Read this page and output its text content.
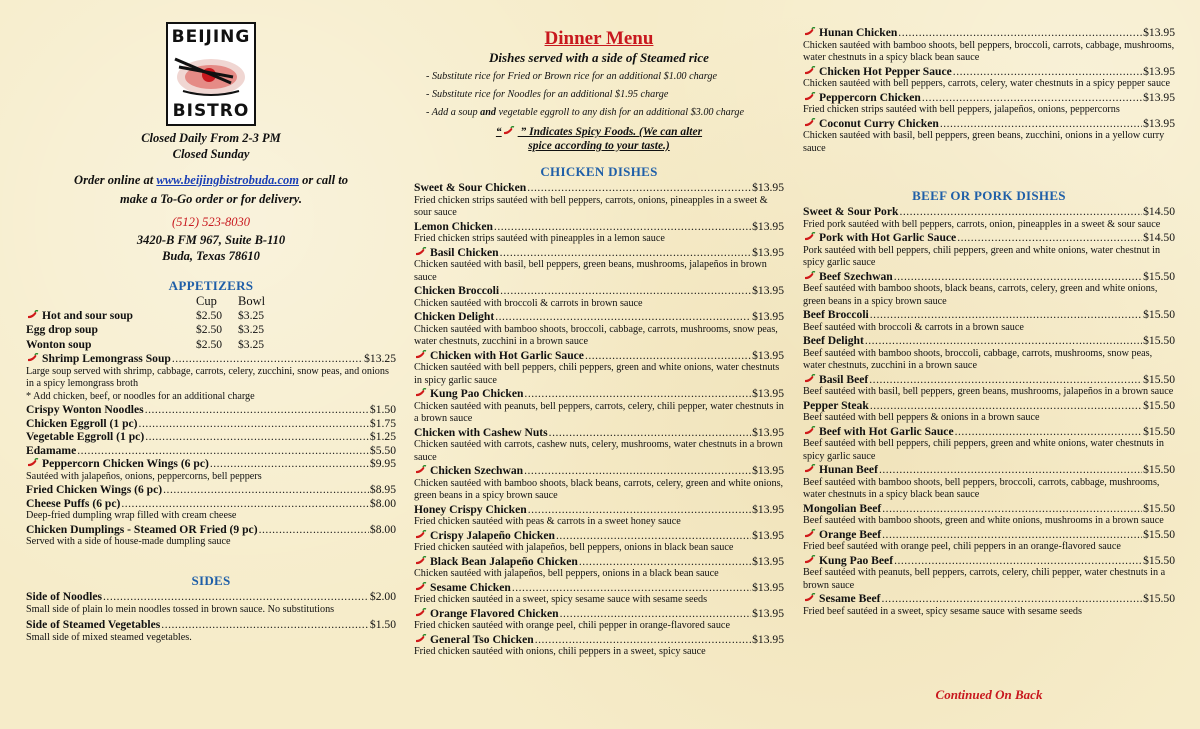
BEIJING
BISTRO
Closed Daily From 2-3 PM
Closed Sunday
Order online at www.beijingbistrobuda.com or call to
make a To-Go order or for delivery.
(512) 523-8030
3420-B FM 967, Suite B-110
Buda, Texas 78610
APPETIZERS
Cup	Bowl
Hot and sour soup	$2.50	$3.25
Egg drop soup	$2.50	$3.25
Wonton soup	$2.50	$3.25
Shrimp Lemongrass Soup .....	$13.25
Large soup served with shrimp, cabbage, carrots, celery, zucchini, snow peas, and onions in a spicy lemongrass broth
* Add chicken, beef, or noodles for an additional charge
Crispy Wonton Noodles .....	$1.50
Chicken Eggroll (1 pc) .....	$1.75
Vegetable Eggroll (1 pc) .....	$1.25
Edamame .....	$5.50
Peppercorn Chicken Wings (6 pc) .....	$9.95
Sautéed with jalapeños, onions, peppercorns, bell peppers
Fried Chicken Wings (6 pc) .....	$8.95
Cheese Puffs (6 pc) .....	$8.00
Deep-fried dumpling wrap filled with cream cheese
Chicken Dumplings - Steamed OR Fried (9 pc) .....	$8.00
Served with a side of house-made dumpling sauce
SIDES
Side of Noodles .....	$2.00
Small side of plain lo mein noodles tossed in brown sauce. No substitutions
Side of Steamed Vegetables .....	$1.50
Small side of mixed steamed vegetables.
Dinner Menu
Dishes served with a side of Steamed rice
- Substitute rice for Fried or Brown rice for an additional $1.00 charge
- Substitute rice for Noodles for an additional $1.95 charge
- Add a soup and vegetable eggroll to any dish for an additional $3.00 charge
“ ” Indicates Spicy Foods. (We can alter
spice according to your taste.)
CHICKEN DISHES
Sweet & Sour Chicken .....	$13.95
Fried chicken strips sautéed with bell peppers, carrots, onions, pineapples in a sweet & sour sauce
Lemon Chicken .....	$13.95
Fried chicken strips sautéed with pineapples in a lemon sauce
Basil Chicken .....	$13.95
Chicken sautéed with basil, bell peppers, green beans, mushrooms, jalapeños in brown sauce
Chicken Broccoli .....	$13.95
Chicken sautéed with broccoli & carrots in brown sauce
Chicken Delight .....	$13.95
Chicken sautéed with bamboo shoots, broccoli, cabbage, carrots, mushrooms, snow peas, water chestnuts, zucchini in a brown sauce
Chicken with Hot Garlic Sauce .....	$13.95
Chicken sautéed with bell peppers, chili peppers, green and white onions, water chestnuts in spicy garlic sauce
Kung Pao Chicken .....	$13.95
Chicken sautéed with peanuts, bell peppers, carrots, celery, chili pepper, water chestnuts in a brown sauce
Chicken with Cashew Nuts .....	$13.95
Chicken sautéed with carrots, cashew nuts, celery, mushrooms, water chestnuts in a brown sauce
Chicken Szechwan .....	$13.95
Chicken sautéed with bamboo shoots, black beans, carrots, celery, green and white onions, green beans in a spicy brown sauce
Honey Crispy Chicken .....	$13.95
Fried chicken sautéed with peas & carrots in a sweet honey sauce
Crispy Jalapeño Chicken .....	$13.95
Fried chicken sautéed with jalapeños, bell peppers, onions in black bean sauce
Black Bean Jalapeño Chicken .....	$13.95
Chicken sautéed with jalapeños, bell peppers, onions in a black bean sauce
Sesame Chicken .....	$13.95
Fried chicken sautéed in a sweet, spicy sesame sauce with sesame seeds
Orange Flavored Chicken .....	$13.95
Fried chicken sautéed with orange peel, chili pepper in orange-flavored sauce
General Tso Chicken .....	$13.95
Fried chicken sautéed with onions, chili peppers in a sweet, spicy sauce
Hunan Chicken .....	$13.95
Chicken sautéed with bamboo shoots, bell peppers, broccoli, carrots, cabbage, mushrooms, water chestnuts in a spicy black bean sauce
Chicken Hot Pepper Sauce .....	$13.95
Chicken sautéed with bell peppers, carrots, celery, water chestnuts in a spicy pepper sauce
Peppercorn Chicken .....	$13.95
Fried chicken strips sautéed with bell peppers, jalapeños, onions, peppercorns
Coconut Curry Chicken .....	$13.95
Chicken sautéed with basil, bell peppers, green beans, zucchini, onions in a yellow curry sauce
BEEF OR PORK DISHES
Sweet & Sour Pork .....	$14.50
Fried pork sautéed with bell peppers, carrots, onion, pineapples in a sweet & sour sauce
Pork with Hot Garlic Sauce .....	$14.50
Pork sautéed with bell peppers, chili peppers, green and white onions, water chestnut in spicy garlic sauce
Beef Szechwan .....	$15.50
Beef sautéed with bamboo shoots, black beans, carrots, celery, green and white onions, green beans in a spicy brown sauce
Beef Broccoli .....	$15.50
Beef sautéed with broccoli & carrots in a brown sauce
Beef Delight .....	$15.50
Beef sautéed with bamboo shoots, broccoli, cabbage, carrots, mushrooms, snow peas, water chestnuts, zucchini in a brown sauce
Basil Beef .....	$15.50
Beef sautéed with basil, bell peppers, green beans, mushrooms, jalapeños in a brown sauce
Pepper Steak .....	$15.50
Beef sautéed with bell peppers & onions in a brown sauce
Beef with Hot Garlic Sauce .....	$15.50
Beef sautéed with bell peppers, chili peppers, green and white onions, water chestnuts in spicy garlic sauce
Hunan Beef .....	$15.50
Beef sautéed with bamboo shoots, bell peppers, broccoli, carrots, cabbage, mushrooms, water chestnuts in a spicy black bean sauce
Mongolian Beef .....	$15.50
Beef sautéed with bamboo shoots, green and white onions, mushrooms in a brown sauce
Orange Beef .....	$15.50
Fried beef sautéed with orange peel, chili peppers in an orange-flavored sauce
Kung Pao Beef .....	$15.50
Beef sautéed with peanuts, bell peppers, carrots, celery, chili pepper, water chestnuts in a brown sauce
Sesame Beef .....	$15.50
Fried beef sautéed in a sweet, spicy sesame sauce with sesame seeds
Continued On Back
